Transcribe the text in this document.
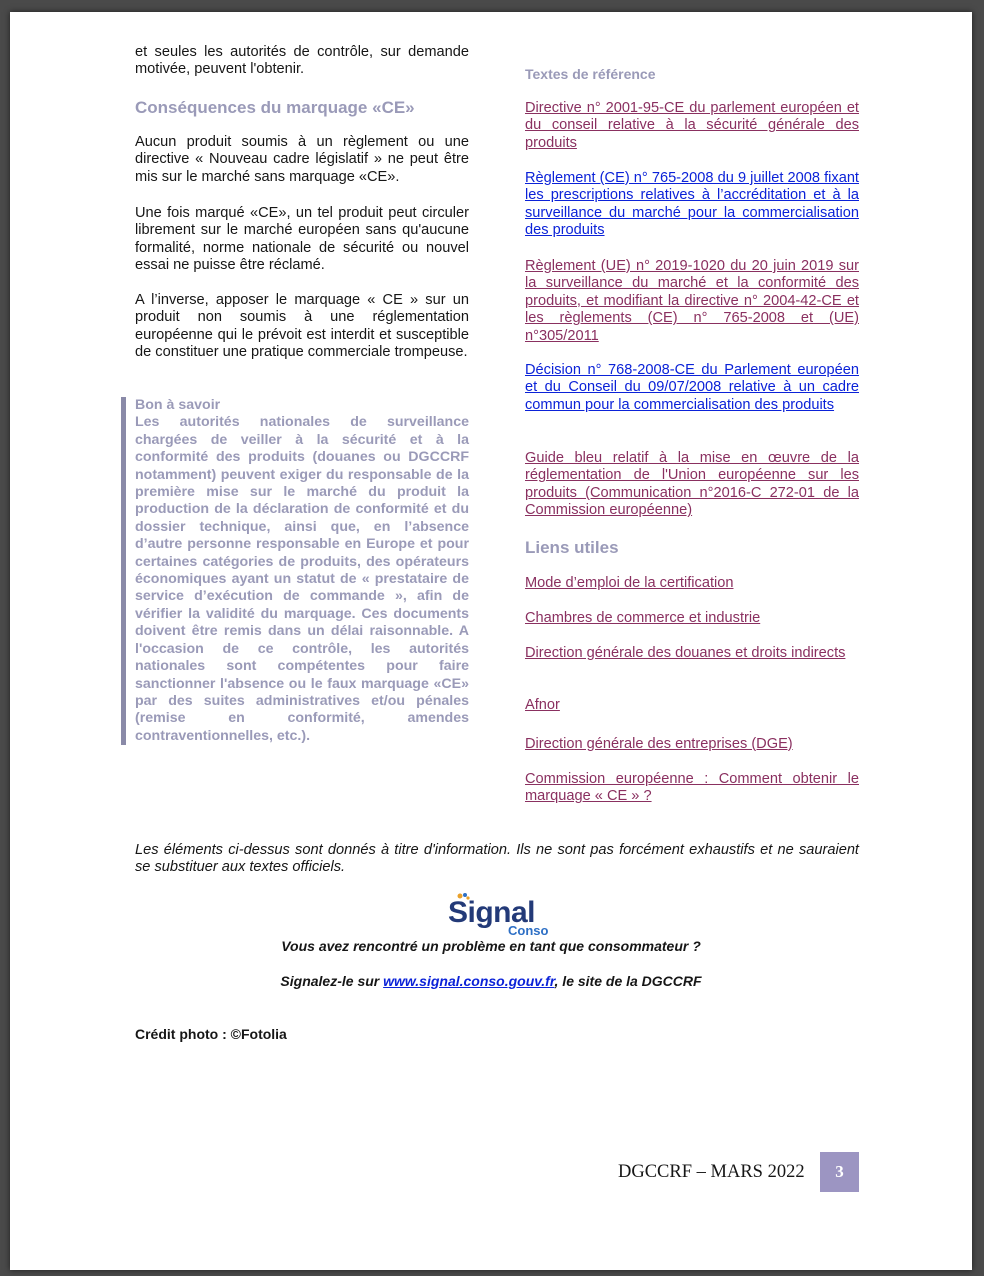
et seules les autorités de contrôle, sur demande motivée, peuvent l'obtenir.

Conséquences du marquage «CE»

Aucun produit soumis à un règlement ou une directive « Nouveau cadre législatif » ne peut être mis sur le marché sans marquage «CE».

Une fois marqué «CE», un tel produit peut circuler librement sur le marché européen sans qu'aucune formalité, norme nationale de sécurité ou nouvel essai ne puisse être réclamé.

A l’inverse, apposer le marquage « CE » sur un produit non soumis à une réglementation européenne qui le prévoit est interdit et susceptible de constituer une pratique commerciale trompeuse.

Bon à savoir
Les autorités nationales de surveillance chargées de veiller à la sécurité et à la conformité des produits (douanes ou DGCCRF notamment) peuvent exiger du responsable de la première mise sur le marché du produit la production de la déclaration de conformité et du dossier technique, ainsi que, en l’absence d’autre personne responsable en Europe et pour certaines catégories de produits, des opérateurs économiques ayant un statut de « prestataire de service d’exécution de commande », afin de vérifier la validité du marquage. Ces documents doivent être remis dans un délai raisonnable. A l'occasion de ce contrôle, les autorités nationales sont compétentes pour faire sanctionner l'absence ou le faux marquage «CE» par des suites administratives et/ou pénales (remise en conformité, amendes contraventionnelles, etc.).

Textes de référence

Directive n° 2001-95-CE du parlement européen et du conseil relative à la sécurité générale des produits
Règlement (CE) n° 765-2008 du 9 juillet 2008 fixant les prescriptions relatives à l’accréditation et à la surveillance du marché pour la commercialisation des produits
Règlement (UE) n° 2019-1020 du 20 juin 2019 sur la surveillance du marché et la conformité des produits, et modifiant la directive n° 2004-42-CE et les règlements (CE) n° 765-2008 et (UE) n°305/2011
Décision n° 768-2008-CE du Parlement européen et du Conseil du 09/07/2008 relative à un cadre commun pour la commercialisation des produits
Guide bleu relatif à la mise en œuvre de la réglementation de l'Union européenne sur les produits (Communication n°2016-C 272-01 de la Commission européenne)
Liens utiles
Mode d’emploi de la certification
Chambres de commerce et industrie
Direction générale des douanes et droits indirects
Afnor
Direction générale des entreprises (DGE)
Commission européenne : Comment obtenir le marquage « CE » ?

Les éléments ci-dessus sont donnés à titre d'information. Ils ne sont pas forcément exhaustifs et ne sauraient se substituer aux textes officiels.

Signal
Conso

Vous avez rencontré un problème en tant que consommateur ?

Signalez-le sur www.signal.conso.gouv.fr, le site de la DGCCRF

Crédit photo : ©Fotolia

DGCCRF – MARS 2022 3
